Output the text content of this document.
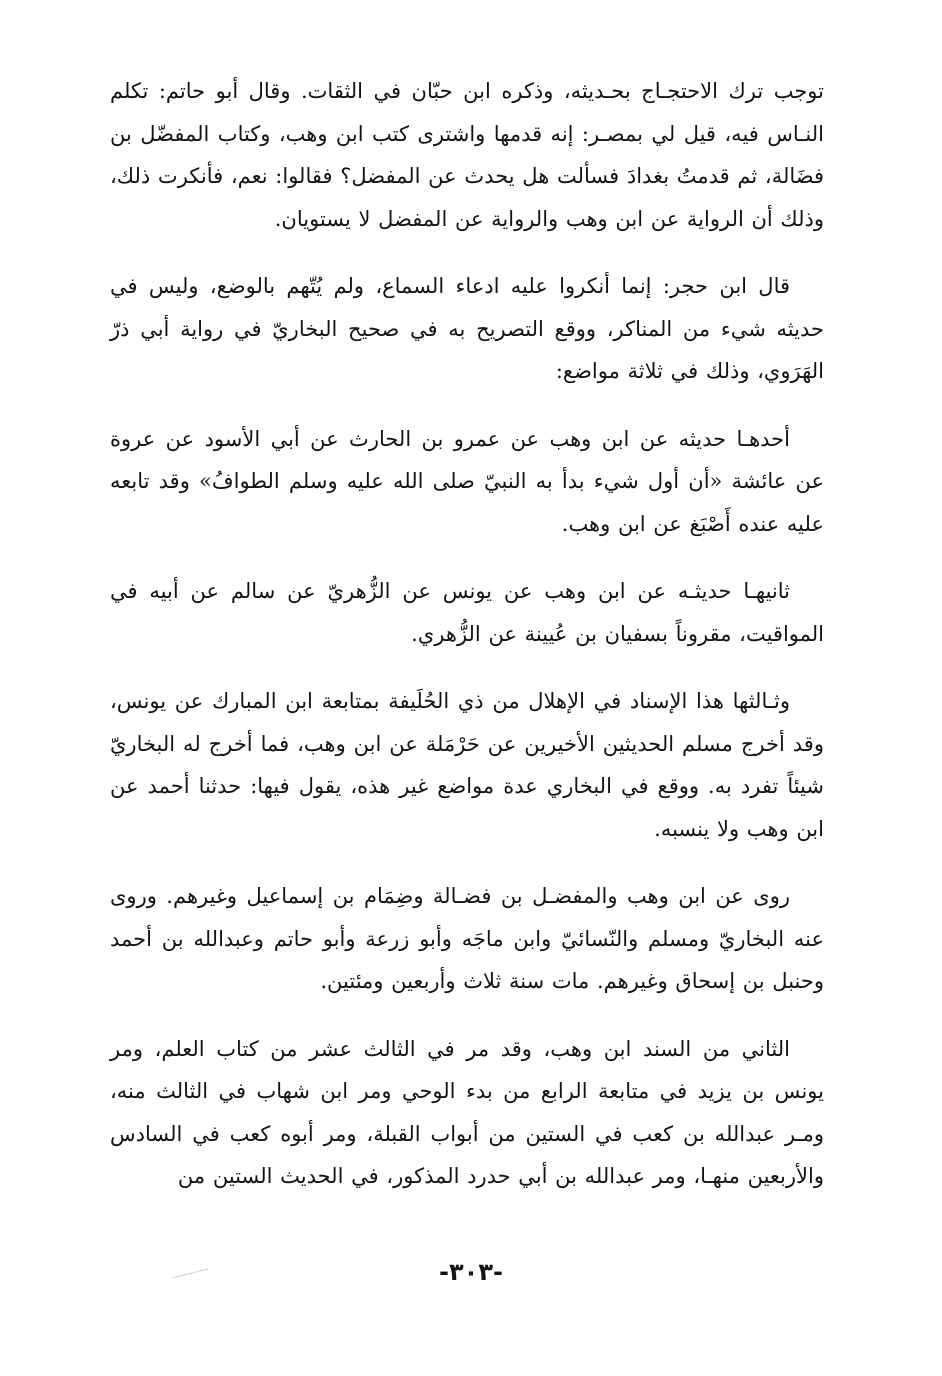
توجب ترك الاحتجـاج بحـديثه، وذكره ابن حبّان في الثقات. وقال أبو حاتم: تكلم النـاس فيه، قيل لي بمصـر: إنه قدمها واشترى كتب ابن وهب، وكتاب المفضّل بن فضَالة، ثم قدمتُ بغدادَ فسألت هل يحدث عن المفضل؟ فقالوا: نعم، فأنكرت ذلك، وذلك أن الرواية عن ابن وهب والرواية عن المفضل لا يستويان.

قال ابن حجر: إنما أنكروا عليه ادعاء السماع، ولم يُتّهم بالوضع، وليس في حديثه شيء من المناكر، ووقع التصريح به في صحيح البخاريّ في رواية أبي ذرّ الهَرَوي، وذلك في ثلاثة مواضع:

أحدهـا حديثه عن ابن وهب عن عمرو بن الحارث عن أبي الأسود عن عروة عن عائشة «أن أول شيء بدأ به النبيّ صلى الله عليه وسلم الطوافُ» وقد تابعه عليه عنده أَصْبَغ عن ابن وهب.

ثانيهـا حديثـه عن ابن وهب عن يونس عن الزُّهريّ عن سالم عن أبيه في المواقيت، مقروناً بسفيان بن عُيينة عن الزُّهري.

وثـالثها هذا الإسناد في الإهلال من ذي الحُلَيفة بمتابعة ابن المبارك عن يونس، وقد أخرج مسلم الحديثين الأخيرين عن حَرْمَلة عن ابن وهب، فما أخرج له البخاريّ شيئاً تفرد به. ووقع في البخاري عدة مواضع غير هذه، يقول فيها: حدثنا أحمد عن ابن وهب ولا ينسبه.

روى عن ابن وهب والمفضـل بن فضـالة وضِمَام بن إسماعيل وغيرهم. وروى عنه البخاريّ ومسلم والنّسائيّ وابن ماجَه وأبو زرعة وأبو حاتم وعبدالله بن أحمد وحنبل بن إسحاق وغيرهم. مات سنة ثلاث وأربعين ومئتين.

الثاني من السند ابن وهب، وقد مر في الثالث عشر من كتاب العلم، ومر يونس بن يزيد في متابعة الرابع من بدء الوحي ومر ابن شهاب في الثالث منه، ومـر عبدالله بن كعب في الستين من أبواب القبلة، ومر أبوه كعب في السادس والأربعين منهـا، ومر عبدالله بن أبي حدرد المذكور، في الحديث الستين من

-٣٠٣-
